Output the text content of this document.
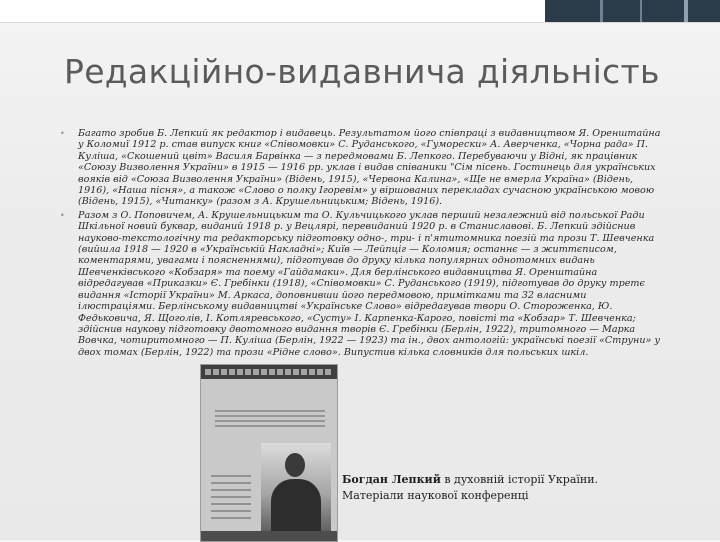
Редакційно-видавнича діяльність
• Багато зробив Б. Лепкий як редактор і видавець. Результатом його співпраці з видавництвом Я. Оренштайна у Коломиї 1912 р. став випуск книг «Співомовки» С. Руданського, «Гуморески» А. Аверченка, «Чорна рада» П. Куліша, «Скошений цвіт» Василя Барвінка — з передмовами Б. Лепкого. Перебуваючи у Відні, як працівник «Союзу Визволення України» в 1915 — 1916 рр. уклав і видав співаники "Сім пісень. Гостинець для українських вояків від «Союза Визволення України» (Відень, 1915), «Червона Калина», «Ще не вмерла Україна» (Відень, 1916), «Наша пісня», а також «Слово о полку Ігоревім» у віршованих перекладах сучасною українською мовою (Відень, 1915), «Читанку» (разом з А. Крушельницьким; Відень, 1916).
• Разом з О. Поповичем, А. Крушельницьким та О. Кульчицького уклав перший незалежний від польської Ради Шкільної новий буквар, виданий 1918 р. у Вецлярі, перевиданий 1920 р. в Станиславові. Б. Лепкий здійснив науково-текстологічну та редакторську підготовку одно-, три- і п'ятитомника поезій та прози Т. Шевченка (вийшла 1918 — 1920 в «Українській Накладні»; Київ — Лейпціг — Коломия; останнє — з життєписом, коментарями, увагами і поясненнями), підготував до друку кілька популярних однотомних видань Шевченківського «Кобзаря» та поему «Гайдамаки». Для берлінського видавництва Я. Оренштайна відредагував «Приказки» Є. Гребінки (1918), «Співомовки» С. Руданського (1919), підготував до друку третє видання «Історії України» М. Аркаса, доповнивши його передмовою, примітками та 32 власними ілюстраціями. Берлінському видавництві «Українське Слово» відредагував твори О. Стороженка, Ю. Федьковича, Я. Щоголів, І. Котляревського, «Сусту» І. Карпенка-Карого, повісті та «Кобзар» Т. Шевченка; здійснив наукову підготовку двотомного видання творів Є. Гребінки (Берлін, 1922), тритомного — Марка Вовчка, чотиритомного — П. Куліша (Берлін, 1922 — 1923) та ін., двох антологій: українські поезії «Струни» у двох томах (Берлін, 1922) та прози «Рідне слово». Випустив кілька словників для польських шкіл.
Богдан Лепкий в духовній історії України.
Матеріали наукової конференці
